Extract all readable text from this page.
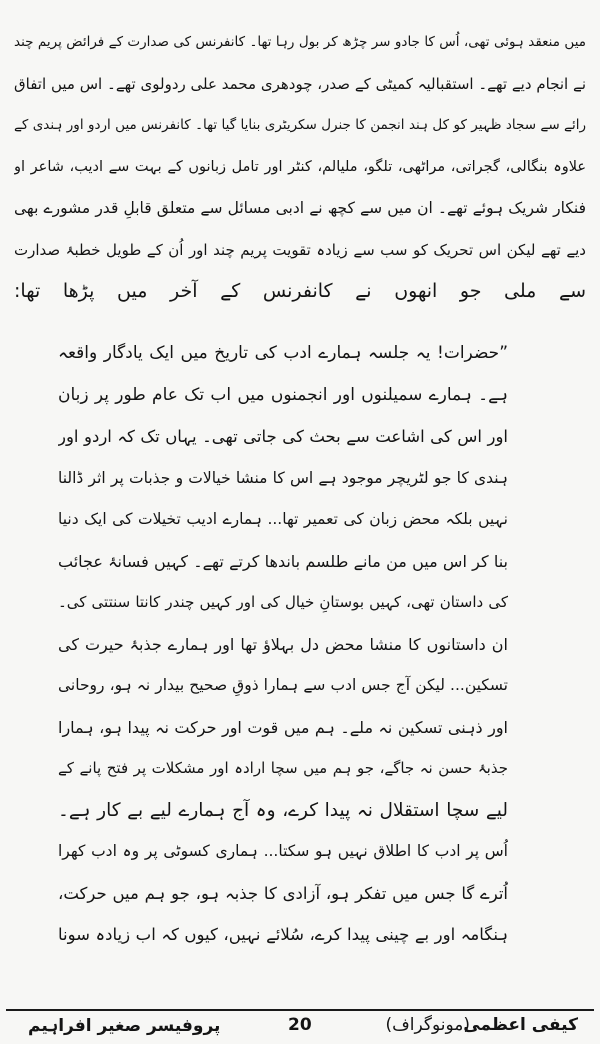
میں منعقد ہوئی تھی، اُس کا جادو سر چڑھ کر بول رہا تھا۔ کانفرنس کی صدارت کے فرائض پریم چند
نے انجام دیے تھے۔ استقبالیہ کمیٹی کے صدر، چودھری محمد علی ردولوی تھے۔ اس میں اتفاق
رائے سے سجاد ظہیر کو کل ہند انجمن کا جنرل سکریٹری بنایا گیا تھا۔ کانفرنس میں اردو اور ہندی کے
علاوہ بنگالی، گجراتی، مراٹھی، تلگو، ملیالم، کنٹر اور تامل زبانوں کے بہت سے ادیب، شاعر او
فنکار شریک ہوئے تھے۔ ان میں سے کچھ نے ادبی مسائل سے متعلق قابلِ قدر مشورے بھی
دیے تھے لیکن اس تحریک کو سب سے زیادہ تقویت پریم چند اور اُن کے طویل خطبۂ صدارت
سے ملی جو انھوں نے کانفرنس کے آخر میں پڑھا تھا:
”حضرات! یہ جلسہ ہمارے ادب کی تاریخ میں ایک یادگار واقعہ
ہے۔ ہمارے سمیلنوں اور انجمنوں میں اب تک عام طور پر زبان
اور اس کی اشاعت سے بحث کی جاتی تھی۔ یہاں تک کہ اردو اور
ہندی کا جو لٹریچر موجود ہے اس کا منشا خیالات و جذبات پر اثر ڈالنا
نہیں بلکہ محض زبان کی تعمیر تھا... ہمارے ادیب تخیلات کی ایک دنیا
بنا کر اس میں من مانے طلسم باندھا کرتے تھے۔ کہیں فسانۂ عجائب
کی داستان تھی، کہیں بوستانِ خیال کی اور کہیں چندر کانتا سنتتی کی۔
ان داستانوں کا منشا محض دل بہلاؤ تھا اور ہمارے جذبۂ حیرت کی
تسکین... لیکن آج جس ادب سے ہمارا ذوقِ صحیح بیدار نہ ہو، روحانی
اور ذہنی تسکین نہ ملے۔ ہم میں قوت اور حرکت نہ پیدا ہو، ہمارا
جذبۂ حسن نہ جاگے، جو ہم میں سچا ارادہ اور مشکلات پر فتح پانے کے
لیے سچا استقلال نہ پیدا کرے، وہ آج ہمارے لیے بے کار ہے۔
اُس پر ادب کا اطلاق نہیں ہو سکتا... ہماری کسوٹی پر وہ ادب کھرا
اُترے گا جس میں تفکر ہو، آزادی کا جذبہ ہو، جو ہم میں حرکت،
ہنگامہ اور بے چینی پیدا کرے، سُلائے نہیں، کیوں کہ اب زیادہ سونا
کیفی اعظمی
(مونوگراف)
20
پروفیسر صغیر افراہیم
